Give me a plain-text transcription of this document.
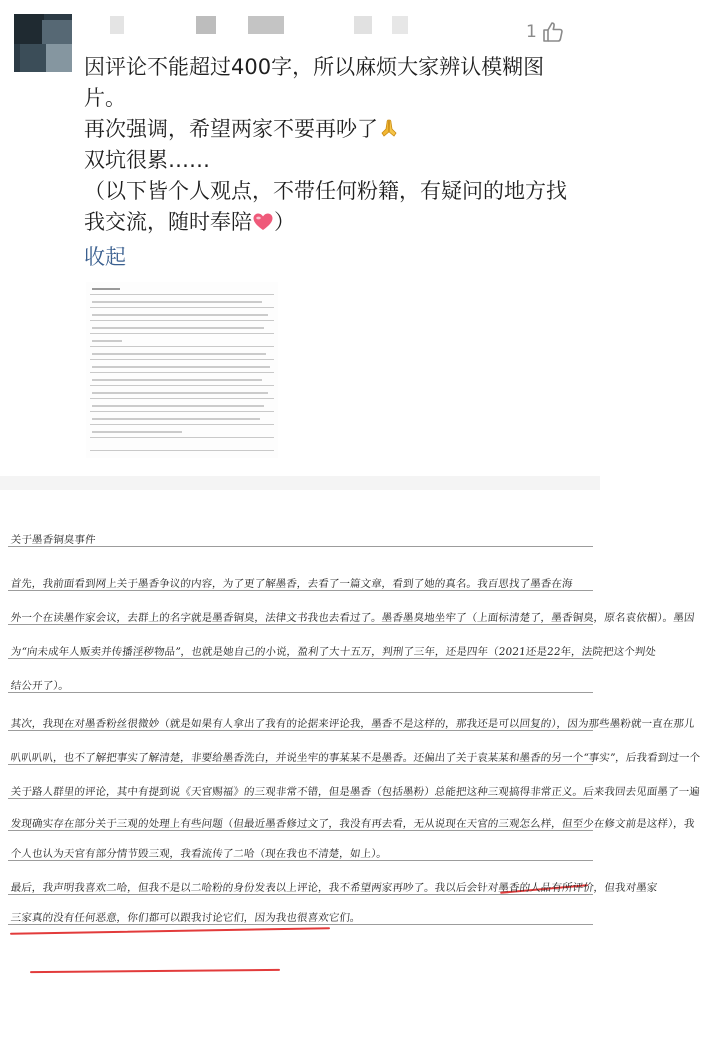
1

因评论不能超过400字，所以麻烦大家辨认模糊图片。

再次强调，希望两家不要再吵了

双坑很累……

（以下皆个人观点，不带任何粉籍，有疑问的地方找我交流，随时奉陪 ）

收起

关于墨香铜臭事件
首先，我前面看到网上关于墨香争议的内容，为了更了解墨香，去看了一篇文章，看到了她的真名。我百思找了墨香在海
外一个在读墨作家会议，去群上的名字就是墨香铜臭，法律文书我也去看过了。墨香墨臭地坐牢了（上面标清楚了，墨香铜臭，原名袁依楣）。墨因
为“向未成年人贩卖并传播淫秽物品”，也就是她自己的小说，盈利了大十五万，判刑了三年，还是四年（2021还是22年，法院把这个判处
结公开了）。
其次，我现在对墨香粉丝很微妙（就是如果有人拿出了我有的论据来评论我，墨香不是这样的，那我还是可以回复的），因为那些墨粉就一直在那儿
叭叭叭叭，也不了解把事实了解清楚，非要给墨香洗白，并说坐牢的事某某不是墨香。还偏出了关于袁某某和墨香的另一个“事实”，后我看到过一个
关于路人群里的评论，其中有提到说《天官赐福》的三观非常不错，但是墨香（包括墨粉）总能把这种三观搞得非常正义。后来我回去见面墨了一遍
发现确实存在部分关于三观的处理上有些问题（但最近墨香修过文了，我没有再去看，无从说现在天官的三观怎么样，但至少在修文前是这样），我
个人也认为天官有部分情节毁三观，我看流传了二哈（现在我也不清楚，如上）。
最后，我声明我喜欢二哈，但我不是以二哈粉的身份发表以上评论，我不希望两家再吵了。我以后会针对墨香的人品有所评价，但我对墨家
三家真的没有任何恶意，你们都可以跟我讨论它们，因为我也很喜欢它们。
